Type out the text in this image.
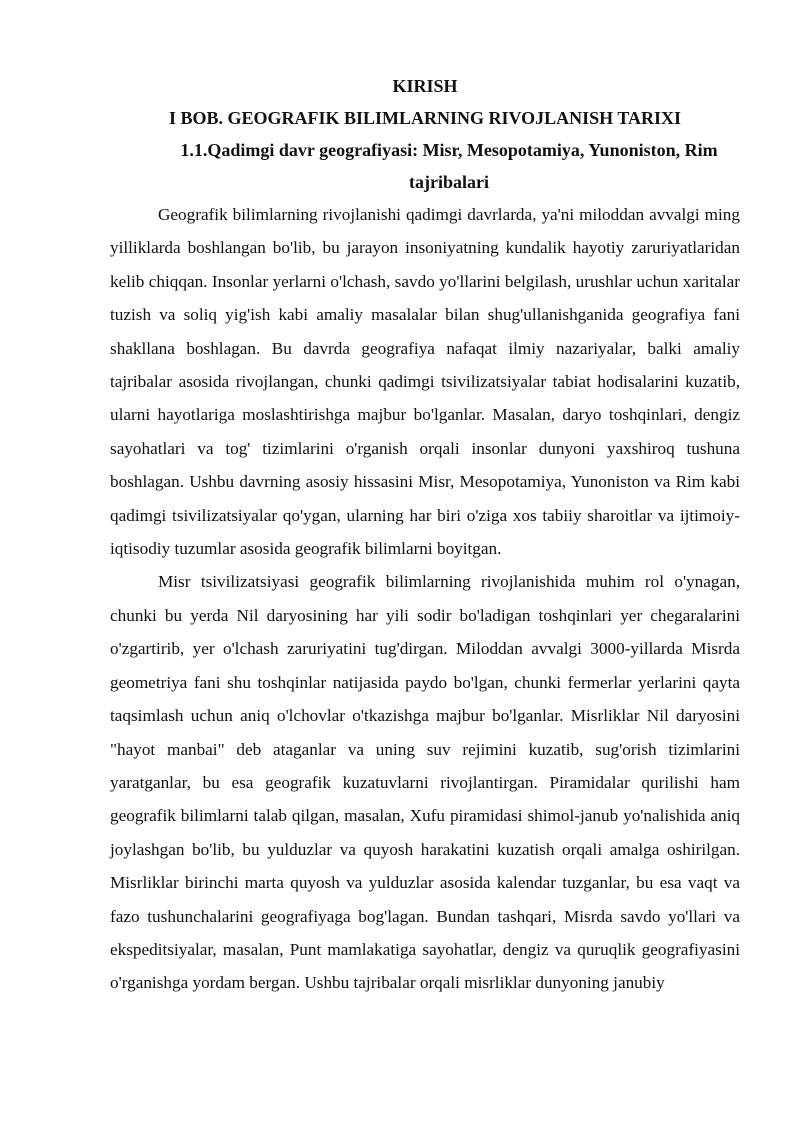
KIRISH
I BOB. GEOGRAFIK BILIMLARNING RIVOJLANISH TARIXI
1.1.Qadimgi davr geografiyasi: Misr, Mesopotamiya, Yunoniston, Rim tajribalari

Geografik bilimlarning rivojlanishi qadimgi davrlarda, ya'ni miloddan avvalgi ming yilliklarda boshlangan bo'lib, bu jarayon insoniyatning kundalik hayotiy zaruriyatlaridan kelib chiqqan. Insonlar yerlarni o'lchash, savdo yo'llarini belgilash, urushlar uchun xaritalar tuzish va soliq yig'ish kabi amaliy masalalar bilan shug'ullanishganida geografiya fani shakllana boshlagan. Bu davrda geografiya nafaqat ilmiy nazariyalar, balki amaliy tajribalar asosida rivojlangan, chunki qadimgi tsivilizatsiyalar tabiat hodisalarini kuzatib, ularni hayotlariga moslashtirishga majbur bo'lganlar. Masalan, daryo toshqinlari, dengiz sayohatlari va tog' tizimlarini o'rganish orqali insonlar dunyoni yaxshiroq tushuna boshlagan. Ushbu davrning asosiy hissasini Misr, Mesopotamiya, Yunoniston va Rim kabi qadimgi tsivilizatsiyalar qo'ygan, ularning har biri o'ziga xos tabiiy sharoitlar va ijtimoiy-iqtisodiy tuzumlar asosida geografik bilimlarni boyitgan.

Misr tsivilizatsiyasi geografik bilimlarning rivojlanishida muhim rol o'ynagan, chunki bu yerda Nil daryosining har yili sodir bo'ladigan toshqinlari yer chegaralarini o'zgartirib, yer o'lchash zaruriyatini tug'dirgan. Miloddan avvalgi 3000-yillarda Misrda geometriya fani shu toshqinlar natijasida paydo bo'lgan, chunki fermerlar yerlarini qayta taqsimlash uchun aniq o'lchovlar o'tkazishga majbur bo'lganlar. Misrliklar Nil daryosini "hayot manbai" deb ataganlar va uning suv rejimini kuzatib, sug'orish tizimlarini yaratganlar, bu esa geografik kuzatuvlarni rivojlantirgan. Piramidalar qurilishi ham geografik bilimlarni talab qilgan, masalan, Xufu piramidasi shimol-janub yo'nalishida aniq joylashgan bo'lib, bu yulduzlar va quyosh harakatini kuzatish orqali amalga oshirilgan. Misrliklar birinchi marta quyosh va yulduzlar asosida kalendar tuzganlar, bu esa vaqt va fazo tushunchalarini geografiyaga bog'lagan. Bundan tashqari, Misrda savdo yo'llari va ekspeditsiyalar, masalan, Punt mamlakatiga sayohatlar, dengiz va quruqlik geografiyasini o'rganishga yordam bergan. Ushbu tajribalar orqali misrliklar dunyoning janubiy
